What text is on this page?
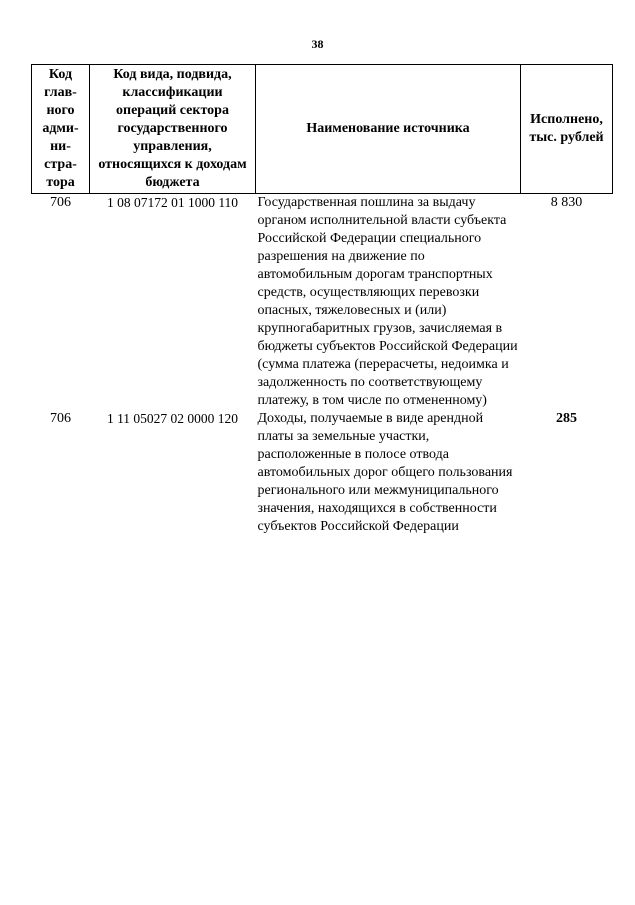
38
Код глав-ного адми-ни-стра-тора	Код вида, подвида, классификации операций сектора государственного управления, относящихся к доходам бюджета	Наименование источника	Исполнено, тыс. рублей
706	1 08 07172 01 1000 110	Государственная пошлина за выдачу органом исполнительной власти субъекта Российской Федерации специального разрешения на движение по автомобильным дорогам транспортных средств, осуществляющих перевозки опасных, тяжеловесных и (или) крупногабаритных грузов, зачисляемая в бюджеты субъектов Российской Федерации (сумма платежа (перерасчеты, недоимка и задолженность по соответствующему платежу, в том числе по отмененному)	8 830
706	1 11 05027 02 0000 120	Доходы, получаемые в виде арендной платы за земельные участки, расположенные в полосе отвода автомобильных дорог общего пользования регионального или межмуниципального значения, находящихся в собственности субъектов Российской Федерации	285
